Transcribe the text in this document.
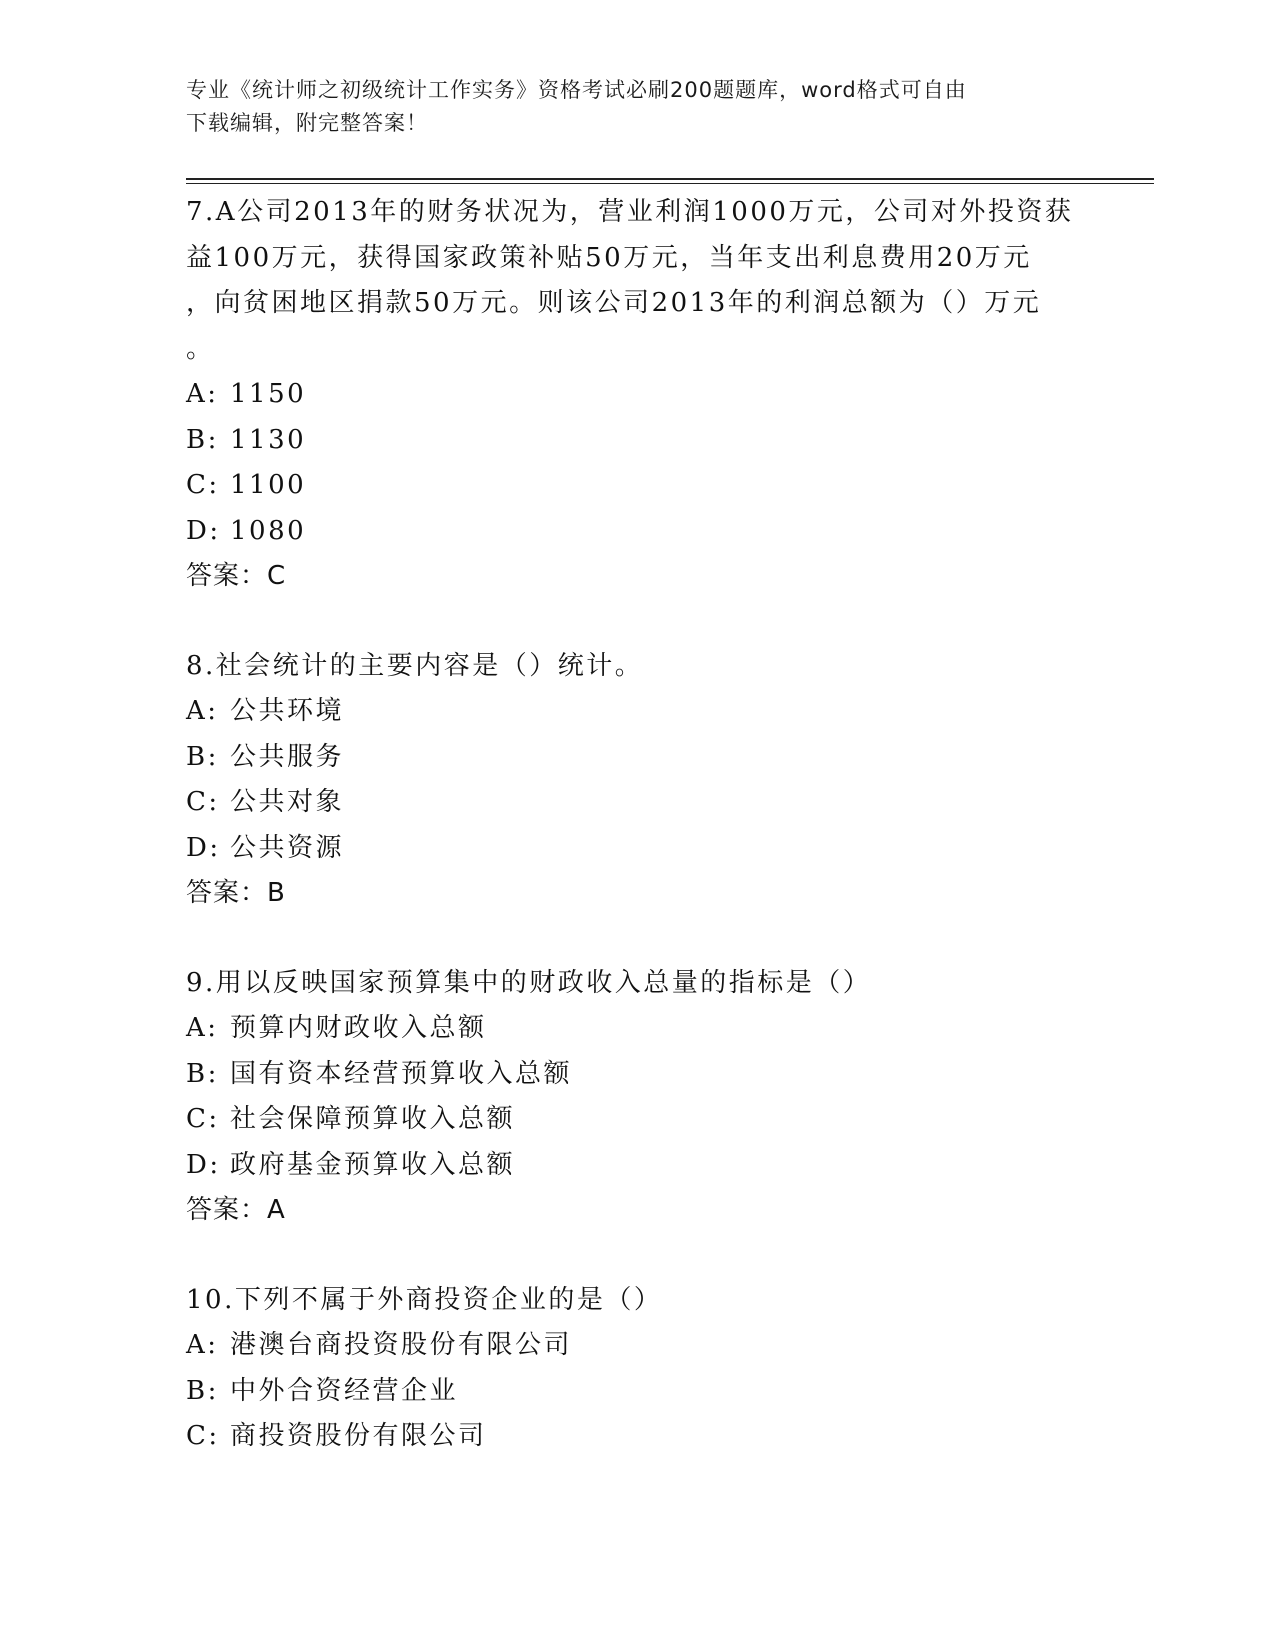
专业《统计师之初级统计工作实务》资格考试必刷200题题库，word格式可自由
下载编辑，附完整答案！
7.A公司2013年的财务状况为，营业利润1000万元，公司对外投资获
益100万元，获得国家政策补贴50万元，当年支出利息费用20万元
，向贫困地区捐款50万元。则该公司2013年的利润总额为（）万元
。
A: 1150
B: 1130
C: 1100
D: 1080
答案：C
8.社会统计的主要内容是（）统计。
A: 公共环境
B: 公共服务
C: 公共对象
D: 公共资源
答案：B
9.用以反映国家预算集中的财政收入总量的指标是（）
A: 预算内财政收入总额
B: 国有资本经营预算收入总额
C: 社会保障预算收入总额
D: 政府基金预算收入总额
答案：A
10.下列不属于外商投资企业的是（）
A: 港澳台商投资股份有限公司
B: 中外合资经营企业
C: 商投资股份有限公司
